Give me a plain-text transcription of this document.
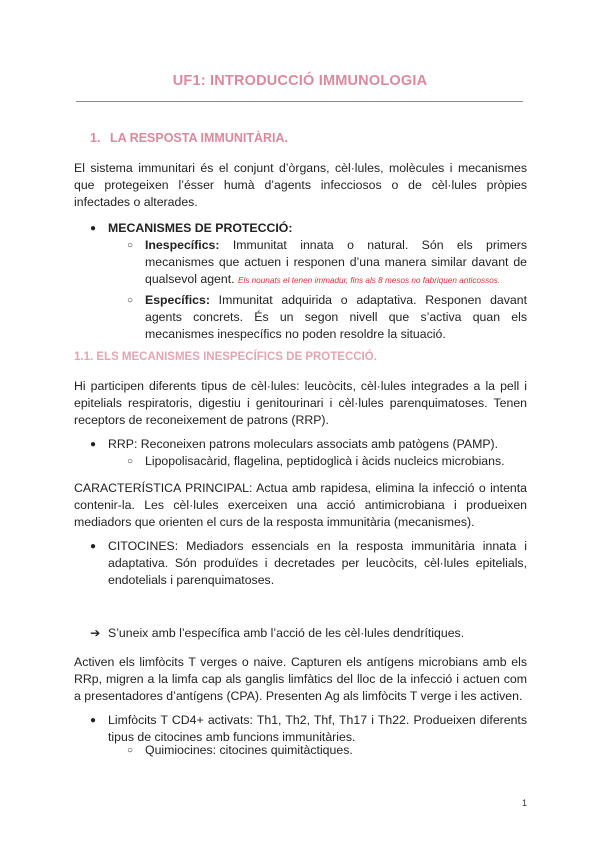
UF1: INTRODUCCIÓ IMMUNOLOGIA
1. LA RESPOSTA IMMUNITÀRIA.

El sistema immunitari és el conjunt d’òrgans, cèl·lules, molècules i mecanismes que protegeixen l’ésser humà d’agents infecciosos o de cèl·lules pròpies infectades o alterades.

● MECANISMES DE PROTECCIÓ:
○ Inespecífics: Immunitat innata o natural. Són els primers mecanismes que actuen i responen d’una manera similar davant de qualsevol agent. Els nounats el tenen immadur, fins als 8 mesos no fabriquen anticossos.
○ Específics: Immunitat adquirida o adaptativa. Responen davant agents concrets. És un segon nivell que s’activa quan els mecanismes inespecífics no poden resoldre la situació.
1.1. ELS MECANISMES INESPECÍFICS DE PROTECCIÓ.

Hi participen diferents tipus de cèl·lules: leucòcits, cèl·lules integrades a la pell i epitelials respiratoris, digestiu i genitourinari i cèl·lules parenquimatoses. Tenen receptors de reconeixement de patrons (RRP).

● RRP: Reconeixen patrons moleculars associats amb patògens (PAMP).
○ Lipopolisacàrid, flagelina, peptidoglicà i àcids nucleics microbians.

CARACTERÍSTICA PRINCIPAL: Actua amb rapidesa, elimina la infecció o intenta contenir-la. Les cèl·lules exerceixen una acció antimicrobiana i produeixen mediadors que orienten el curs de la resposta immunitària (mecanismes).

● CITOCINES: Mediadors essencials en la resposta immunitària innata i adaptativa. Són produïdes i decretades per leucòcits, cèl·lules epitelials, endotelials i parenquimatoses.
➔ S’uneix amb l’específica amb l’acció de les cèl·lules dendrítiques.

Activen els limfòcits T verges o naive. Capturen els antígens microbians amb els RRp, migren a la limfa cap als ganglis limfàtics del lloc de la infecció i actuen com a presentadores d’antígens (CPA). Presenten Ag als limfòcits T verge i les activen.

● Limfòcits T CD4+ activats: Th1, Th2, Thf, Th17 i Th22. Produeixen diferents tipus de citocines amb funcions immunitàries.
○ Quimiocines: citocines quimitàctiques.
1
